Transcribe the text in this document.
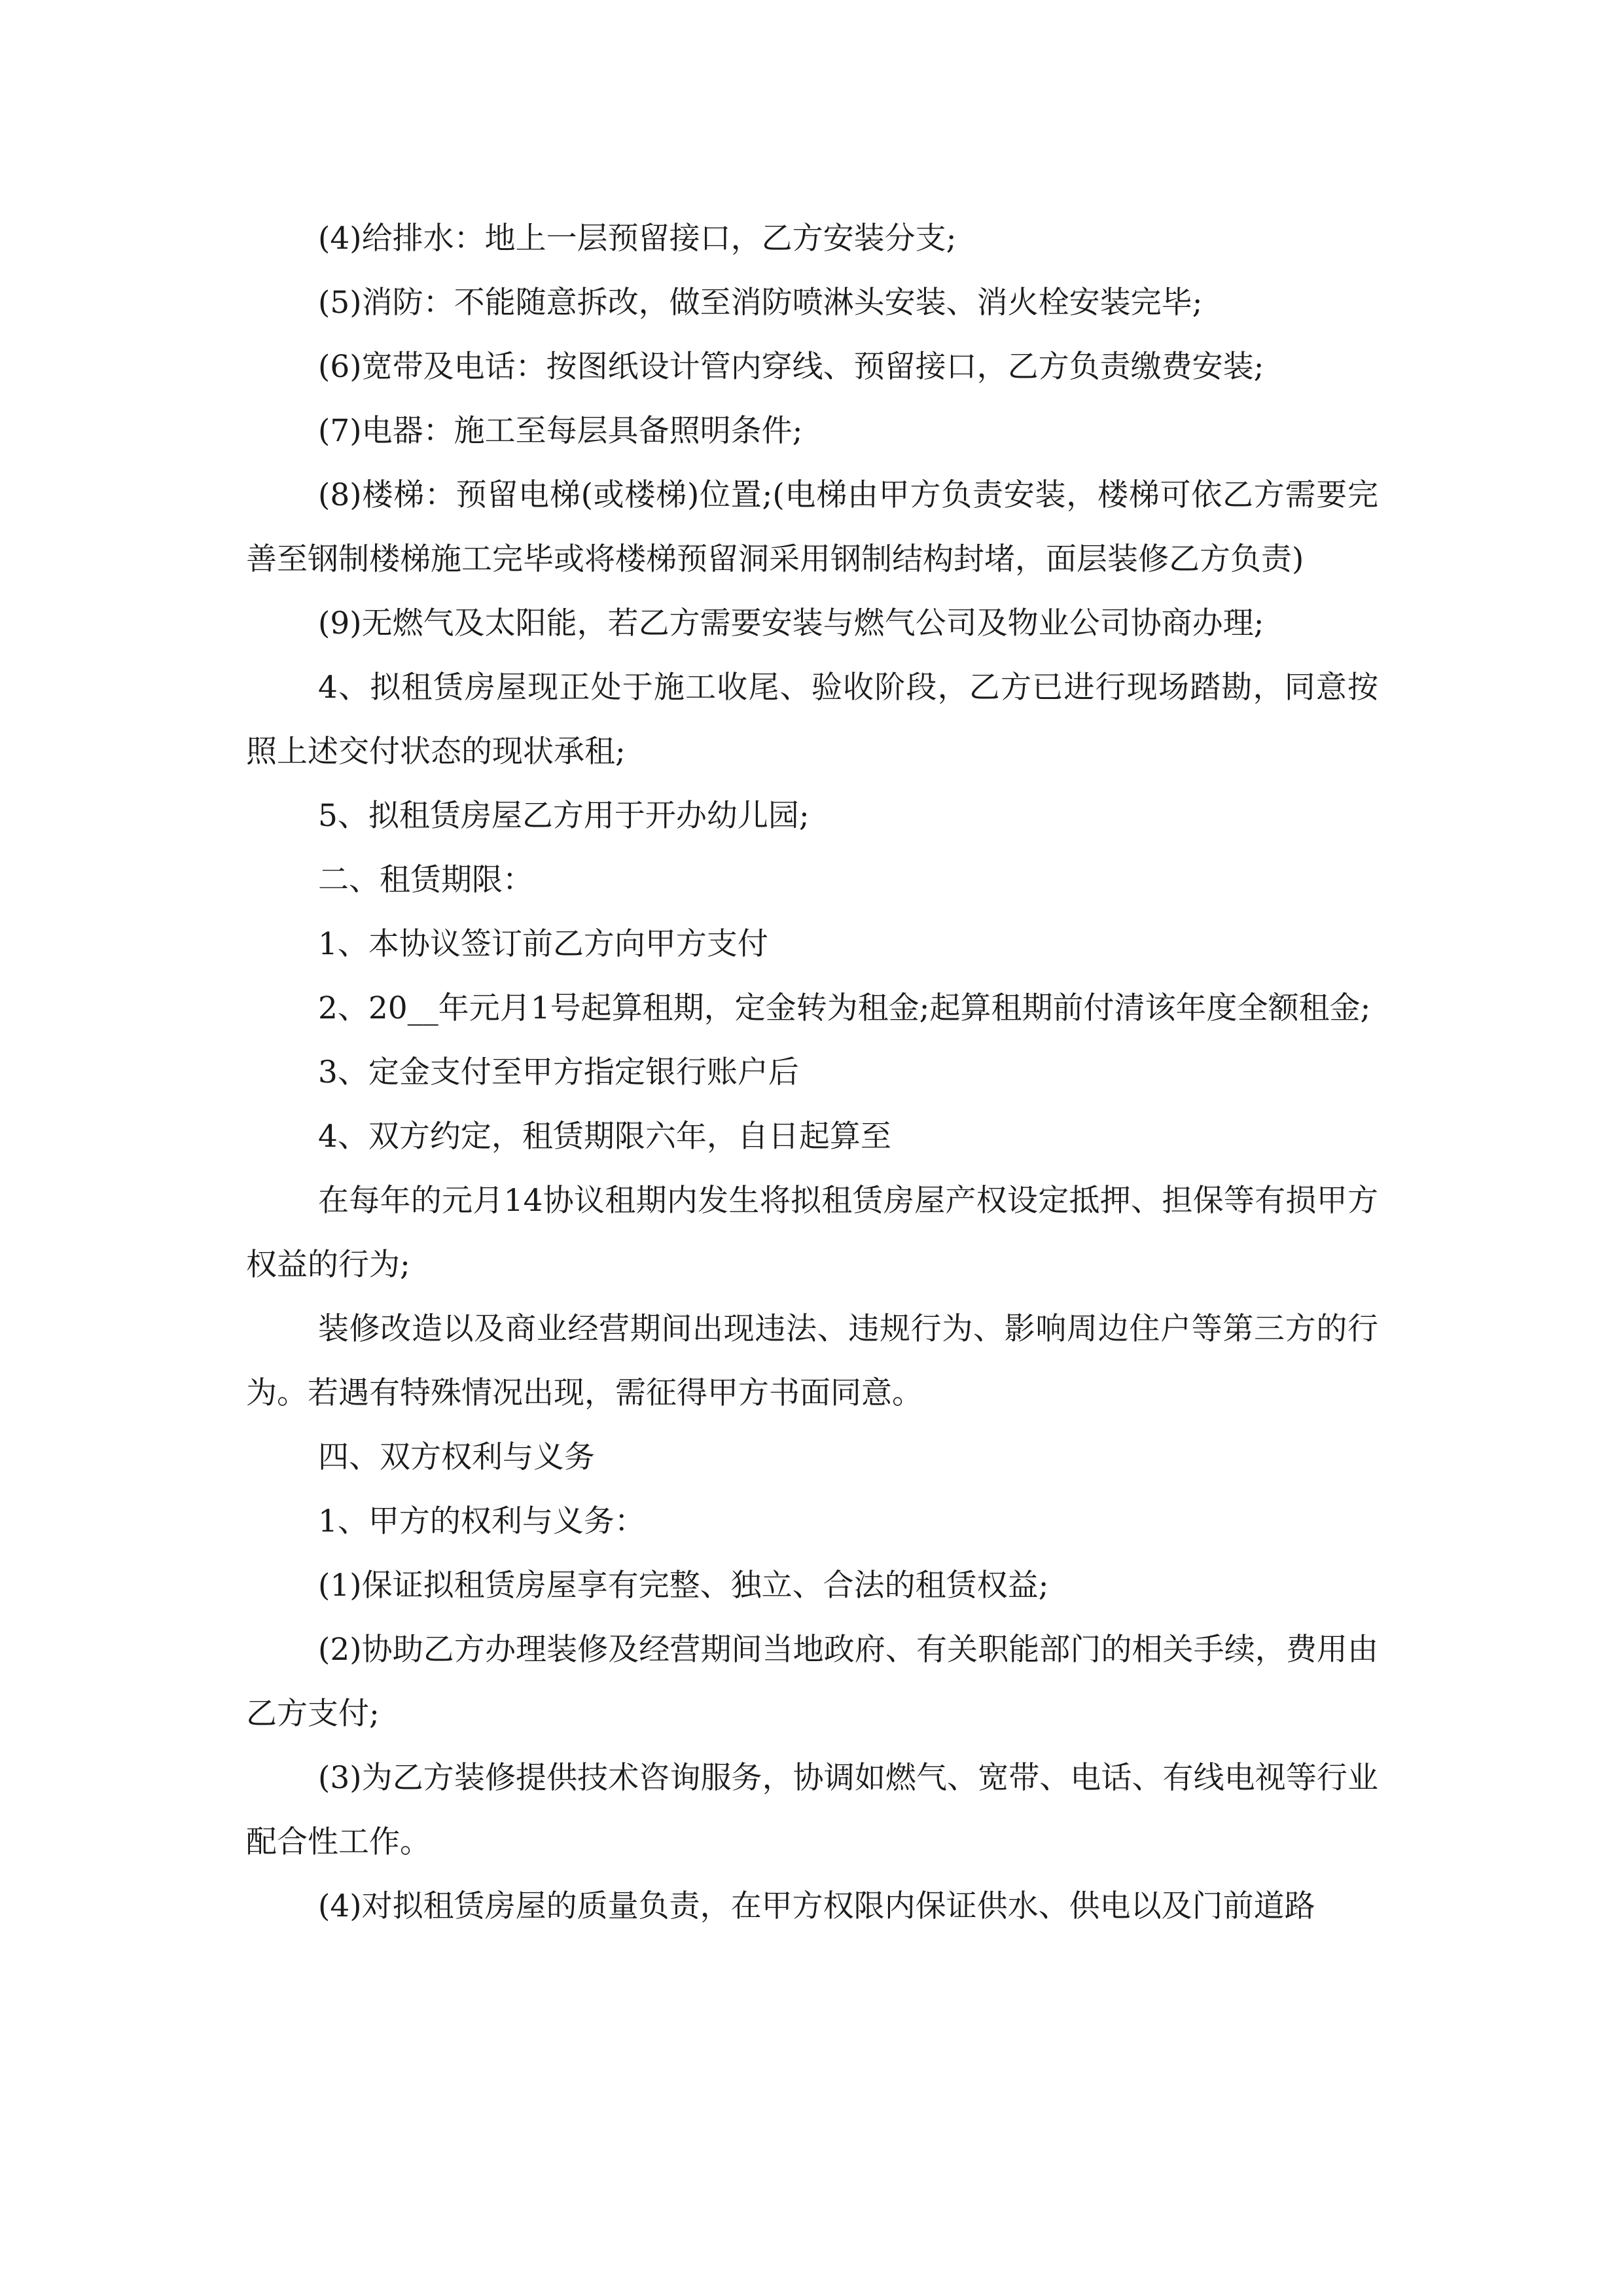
(4)给排水：地上一层预留接口，乙方安装分支;

(5)消防：不能随意拆改，做至消防喷淋头安装、消火栓安装完毕;

(6)宽带及电话：按图纸设计管内穿线、预留接口，乙方负责缴费安装;

(7)电器：施工至每层具备照明条件;

(8)楼梯：预留电梯(或楼梯)位置;(电梯由甲方负责安装，楼梯可依乙方需要完善至钢制楼梯施工完毕或将楼梯预留洞采用钢制结构封堵，面层装修乙方负责)

(9)无燃气及太阳能，若乙方需要安装与燃气公司及物业公司协商办理;

4、拟租赁房屋现正处于施工收尾、验收阶段，乙方已进行现场踏勘，同意按照上述交付状态的现状承租;

5、拟租赁房屋乙方用于开办幼儿园;

二、租赁期限：

1、本协议签订前乙方向甲方支付

2、20__年元月1号起算租期，定金转为租金;起算租期前付清该年度全额租金;

3、定金支付至甲方指定银行账户后

4、双方约定，租赁期限六年，自日起算至

在每年的元月14协议租期内发生将拟租赁房屋产权设定抵押、担保等有损甲方权益的行为;

装修改造以及商业经营期间出现违法、违规行为、影响周边住户等第三方的行为。若遇有特殊情况出现，需征得甲方书面同意。

四、双方权利与义务

1、甲方的权利与义务：

(1)保证拟租赁房屋享有完整、独立、合法的租赁权益;

(2)协助乙方办理装修及经营期间当地政府、有关职能部门的相关手续，费用由乙方支付;

(3)为乙方装修提供技术咨询服务，协调如燃气、宽带、电话、有线电视等行业配合性工作。

(4)对拟租赁房屋的质量负责，在甲方权限内保证供水、供电以及门前道路
